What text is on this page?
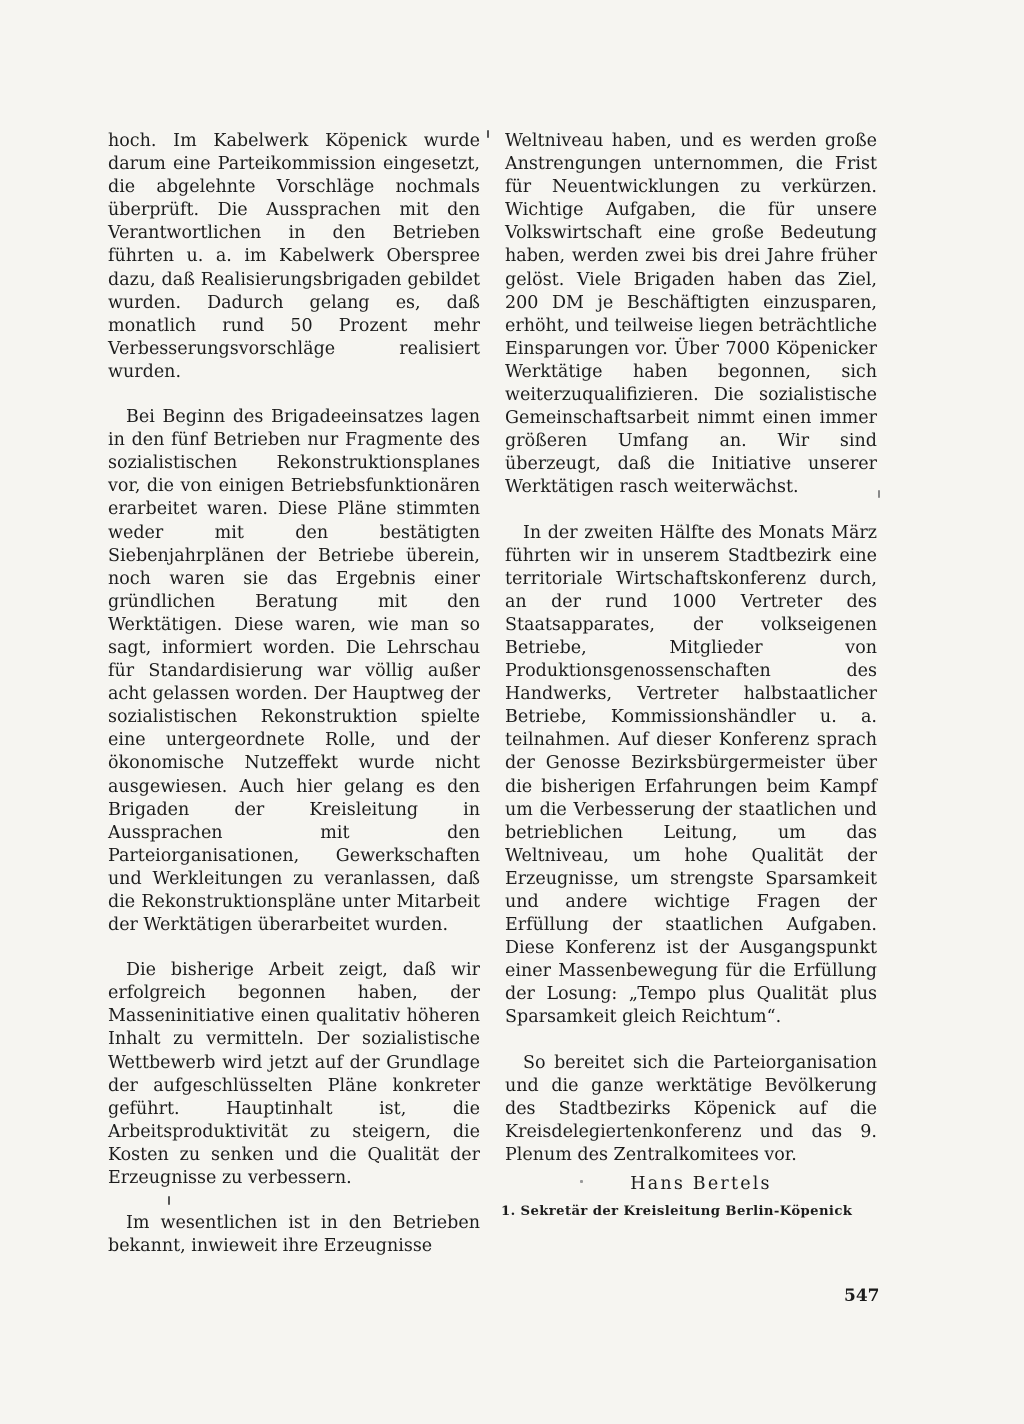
hoch. Im Kabelwerk Köpenick wurde darum eine Parteikommission eingesetzt, die abgelehnte Vorschläge nochmals überprüft. Die Aussprachen mit den Verantwortlichen in den Betrieben führten u. a. im Kabelwerk Oberspree dazu, daß Realisierungsbrigaden gebildet wurden. Dadurch gelang es, daß monatlich rund 50 Prozent mehr Verbesserungsvorschläge realisiert wurden.

Bei Beginn des Brigadeeinsatzes lagen in den fünf Betrieben nur Fragmente des sozialistischen Rekonstruktionsplanes vor, die von einigen Betriebsfunktionären erarbeitet waren. Diese Pläne stimmten weder mit den bestätigten Siebenjahrplänen der Betriebe überein, noch waren sie das Ergebnis einer gründlichen Beratung mit den Werktätigen. Diese waren, wie man so sagt, informiert worden. Die Lehrschau für Standardisierung war völlig außer acht gelassen worden. Der Hauptweg der sozialistischen Rekonstruktion spielte eine untergeordnete Rolle, und der ökonomische Nutzeffekt wurde nicht ausgewiesen. Auch hier gelang es den Brigaden der Kreisleitung in Aussprachen mit den Parteiorganisationen, Gewerkschaften und Werkleitungen zu veranlassen, daß die Rekonstruktionspläne unter Mitarbeit der Werktätigen überarbeitet wurden.

Die bisherige Arbeit zeigt, daß wir erfolgreich begonnen haben, der Masseninitiative einen qualitativ höheren Inhalt zu vermitteln. Der sozialistische Wettbewerb wird jetzt auf der Grundlage der aufgeschlüsselten Pläne konkreter geführt. Hauptinhalt ist, die Arbeitsproduktivität zu steigern, die Kosten zu senken und die Qualität der Erzeugnisse zu verbessern.

Im wesentlichen ist in den Betrieben bekannt, inwieweit ihre Erzeugnisse

Weltniveau haben, und es werden große Anstrengungen unternommen, die Frist für Neuentwicklungen zu verkürzen. Wichtige Aufgaben, die für unsere Volkswirtschaft eine große Bedeutung haben, werden zwei bis drei Jahre früher gelöst. Viele Brigaden haben das Ziel, 200 DM je Beschäftigten einzusparen, erhöht, und teilweise liegen beträchtliche Einsparungen vor. Über 7000 Köpenicker Werktätige haben begonnen, sich weiterzuqualifizieren. Die sozialistische Gemeinschaftsarbeit nimmt einen immer größeren Umfang an. Wir sind überzeugt, daß die Initiative unserer Werktätigen rasch weiterwächst.

In der zweiten Hälfte des Monats März führten wir in unserem Stadtbezirk eine territoriale Wirtschaftskonferenz durch, an der rund 1000 Vertreter des Staatsapparates, der volkseigenen Betriebe, Mitglieder von Produktionsgenossenschaften des Handwerks, Vertreter halbstaatlicher Betriebe, Kommissionshändler u. a. teilnahmen. Auf dieser Konferenz sprach der Genosse Bezirksbürgermeister über die bisherigen Erfahrungen beim Kampf um die Verbesserung der staatlichen und betrieblichen Leitung, um das Weltniveau, um hohe Qualität der Erzeugnisse, um strengste Sparsamkeit und andere wichtige Fragen der Erfüllung der staatlichen Aufgaben. Diese Konferenz ist der Ausgangspunkt einer Massenbewegung für die Erfüllung der Losung: „Tempo plus Qualität plus Sparsamkeit gleich Reichtum“.

So bereitet sich die Parteiorganisation und die ganze werktätige Bevölkerung des Stadtbezirks Köpenick auf die Kreisdelegiertenkonferenz und das 9. Plenum des Zentralkomitees vor.

Hans Bertels
1. Sekretär der Kreisleitung Berlin-Köpenick
547
